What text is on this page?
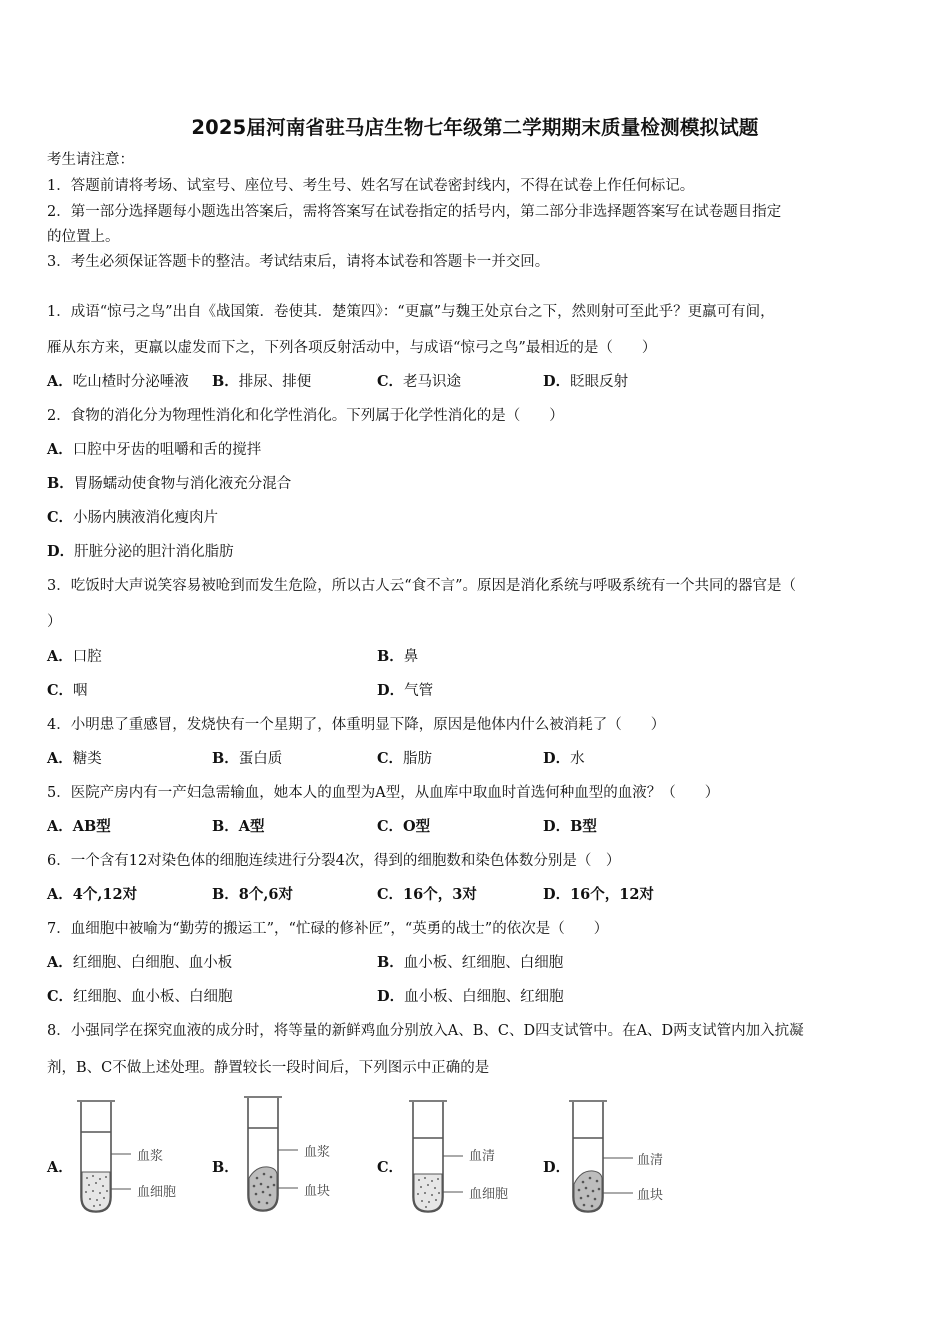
2025届河南省驻马店生物七年级第二学期期末质量检测模拟试题
考生请注意：
1．答题前请将考场、试室号、座位号、考生号、姓名写在试卷密封线内，不得在试卷上作任何标记。
2．第一部分选择题每小题选出答案后，需将答案写在试卷指定的括号内，第二部分非选择题答案写在试卷题目指定
的位置上。
3．考生必须保证答题卡的整洁。考试结束后，请将本试卷和答题卡一并交回。
1．成语“惊弓之鸟”出自《战国策．卷使其．楚策四》：“更羸”与魏王处京台之下，然则射可至此乎？更羸可有间，
雁从东方来，更羸以虚发而下之，下列各项反射活动中，与成语“惊弓之鸟”最相近的是（　　）
A．吃山楂时分泌唾液 B．排尿、排便	C．老马识途	D．眨眼反射
2．食物的消化分为物理性消化和化学性消化。下列属于化学性消化的是（　　）
A．口腔中牙齿的咀嚼和舌的搅拌
B．胃肠蠕动使食物与消化液充分混合
C．小肠内胰液消化瘦肉片
D．肝脏分泌的胆汁消化脂肪
3．吃饭时大声说笑容易被呛到而发生危险，所以古人云“食不言”。原因是消化系统与呼吸系统有一个共同的器官是（
）
A．口腔	B．鼻
C．咽	D．气管
4．小明患了重感冒，发烧快有一个星期了，体重明显下降，原因是他体内什么被消耗了（　　）
A．糖类	B．蛋白质	C．脂肪	D．水
5．医院产房内有一产妇急需输血，她本人的血型为A型，从血库中取血时首选何种血型的血液？（　　）
A．AB型	B．A型	C．O型	D．B型
6．一个含有12对染色体的细胞连续进行分裂4次，得到的细胞数和染色体数分别是（　）
A．4个,12对	B．8个,6对	C．16个，3对	D．16个，12对
7．血细胞中被喻为“勤劳的搬运工”，“忙碌的修补匠”，“英勇的战士”的依次是（　　）
A．红细胞、白细胞、血小板	B．血小板、红细胞、白细胞
C．红细胞、血小板、白细胞	D．血小板、白细胞、红细胞
8．小强同学在探究血液的成分时，将等量的新鲜鸡血分别放入A、B、C、D四支试管中。在A、D两支试管内加入抗凝
剂，B、C不做上述处理。静置较长一段时间后，下列图示中正确的是
A．
血浆
血细胞
B．
血浆
血块
C．
血清
血细胞
D．	血清
血块
